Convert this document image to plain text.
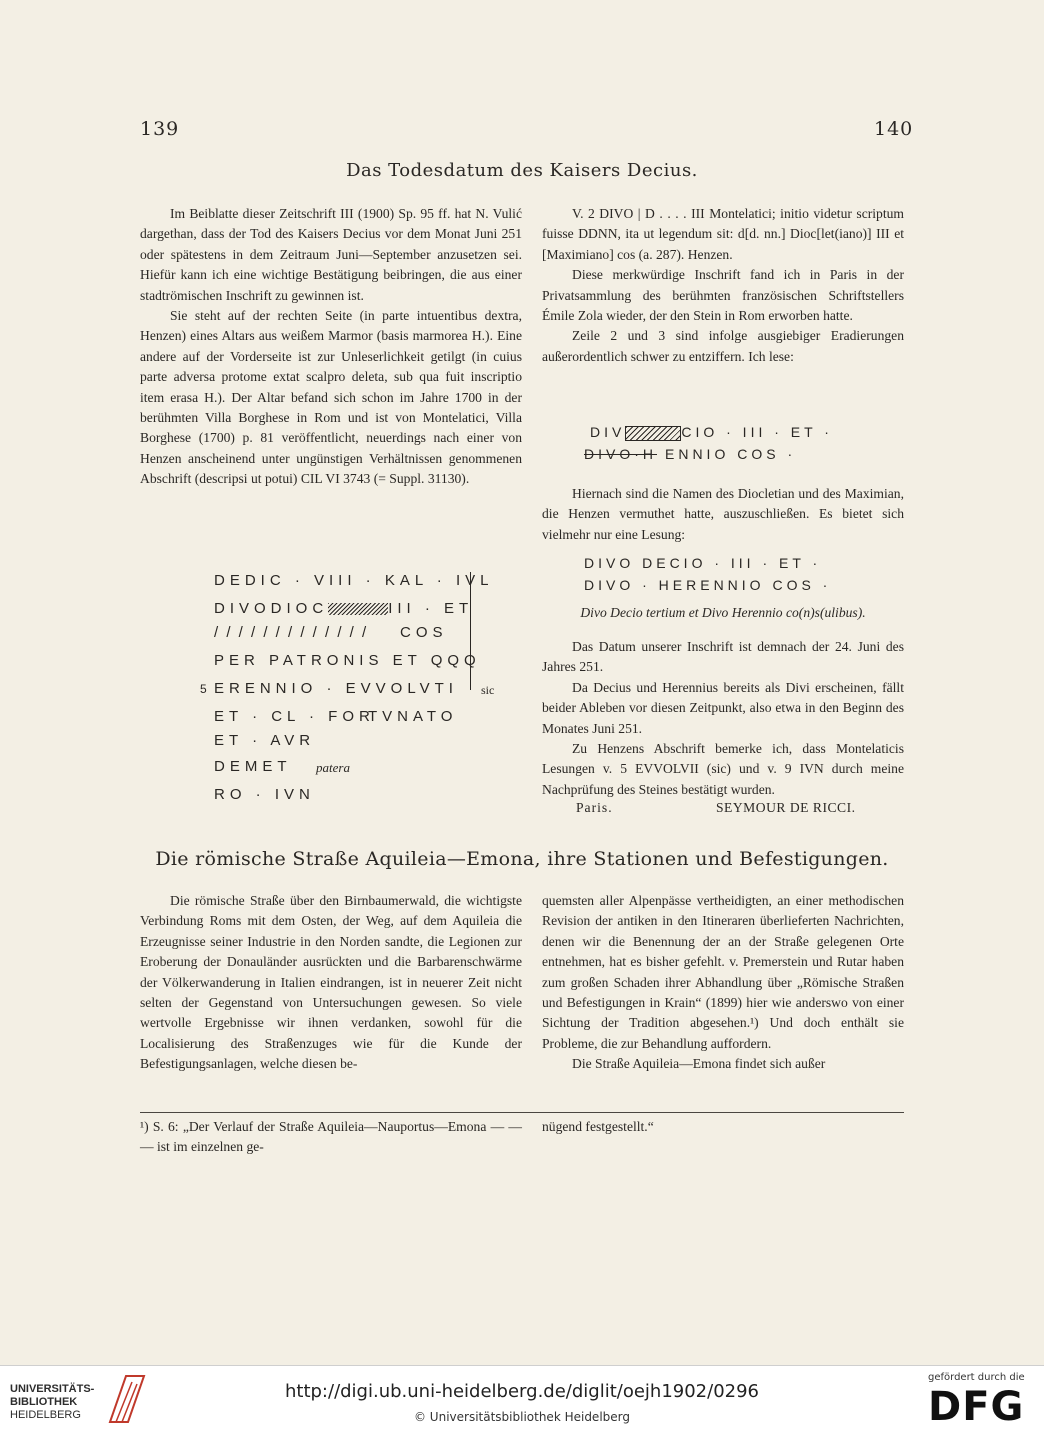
139	140
Das Todesdatum des Kaisers Decius.

Im Beiblatte dieser Zeitschrift III (1900) Sp. 95 ff. hat N. Vulić dargethan, dass der Tod des Kaisers Decius vor dem Monat Juni 251 oder spätestens in dem Zeitraum Juni—September anzusetzen sei. Hiefür kann ich eine wichtige Bestätigung beibringen, die aus einer stadtrömischen Inschrift zu gewinnen ist.

Sie steht auf der rechten Seite (in parte intuentibus dextra, Henzen) eines Altars aus weißem Marmor (basis marmorea H.). Eine andere auf der Vorderseite ist zur Unleserlichkeit getilgt (in cuius parte adversa protome extat scalpro deleta, sub qua fuit inscriptio item erasa H.). Der Altar befand sich schon im Jahre 1700 in der berühmten Villa Borghese in Rom und ist von Montelatici, Villa Borghese (1700) p. 81 veröffentlicht, neuerdings nach einer von Henzen anscheinend unter ungünstigen Verhältnissen genommenen Abschrift (descripsi ut potui) CIL VI 3743 (= Suppl. 31130).

DEDIC · VIII · KAL · IVL
DIVODIOC	III · ET
/ / / / / / / / / / / / / COS
PER PATRONIS ET QQQ
5 ERENNIO · EVVOLVTI sic
ET · CL · FOR
TVNATO
ET · AVR
DEMET patera
RO · IVN

V. 2 DIVO | D . . . . III Montelatici; initio videtur scriptum fuisse DDNN, ita ut legendum sit: d[d. nn.] Dioc[let(iano)] III et [Maximiano] cos (a. 287). Henzen.

Diese merkwürdige Inschrift fand ich in Paris in der Privatsammlung des berühmten französischen Schriftstellers Émile Zola wieder, der den Stein in Rom erworben hatte.

Zeile 2 und 3 sind infolge ausgiebiger Eradierungen außerordentlich schwer zu entziffern. Ich lese:

DIV	CIO · III · ET ·
DIVO·H ENNIO COS ·

Hiernach sind die Namen des Diocletian und des Maximian, die Henzen vermuthet hatte, auszuschließen. Es bietet sich vielmehr nur eine Lesung:

DIVO DECIO · III · ET ·
DIVO · HERENNIO COS ·
Divo Decio tertium et Divo Herennio co(n)s(ulibus).

Das Datum unserer Inschrift ist demnach der 24. Juni des Jahres 251.

Da Decius und Herennius bereits als Divi erscheinen, fällt beider Ableben vor diesen Zeitpunkt, also etwa in den Beginn des Monates Juni 251.

Zu Henzens Abschrift bemerke ich, dass Montelaticis Lesungen v. 5 EVVOLVII (sic) und v. 9 IVN durch meine Nachprüfung des Steines bestätigt wurden.

Paris.	SEYMOUR DE RICCI.
Die römische Straße Aquileia—Emona, ihre Stationen und Befestigungen.

Die römische Straße über den Birnbaumerwald, die wichtigste Verbindung Roms mit dem Osten, der Weg, auf dem Aquileia die Erzeugnisse seiner Industrie in den Norden sandte, die Legionen zur Eroberung der Donauländer ausrückten und die Barbarenschwärme der Völkerwanderung in Italien eindrangen, ist in neuerer Zeit nicht selten der Gegenstand von Untersuchungen gewesen. So viele wertvolle Ergebnisse wir ihnen verdanken, sowohl für die Localisierung des Straßenzuges wie für die Kunde der Befestigungsanlagen, welche diesen be-

quemsten aller Alpenpässe vertheidigten, an einer methodischen Revision der antiken in den Itineraren überlieferten Nachrichten, denen wir die Benennung der an der Straße gelegenen Orte entnehmen, hat es bisher gefehlt. v. Premerstein und Rutar haben zum großen Schaden ihrer Abhandlung über „Römische Straßen und Befestigungen in Krain“ (1899) hier wie anderswo von einer Sichtung der Tradition abgesehen.¹) Und doch enthält sie Probleme, die zur Behandlung auffordern.

Die Straße Aquileia—Emona findet sich außer

¹) S. 6: „Der Verlauf der Straße Aquileia—Nauportus—Emona — — — ist im einzelnen ge-
nügend festgestellt.“
UNIVERSITÄTS-
BIBLIOTHEK
HEIDELBERG
http://digi.ub.uni-heidelberg.de/diglit/oejh1902/0296
© Universitätsbibliothek Heidelberg
gefördert durch die
DFG
